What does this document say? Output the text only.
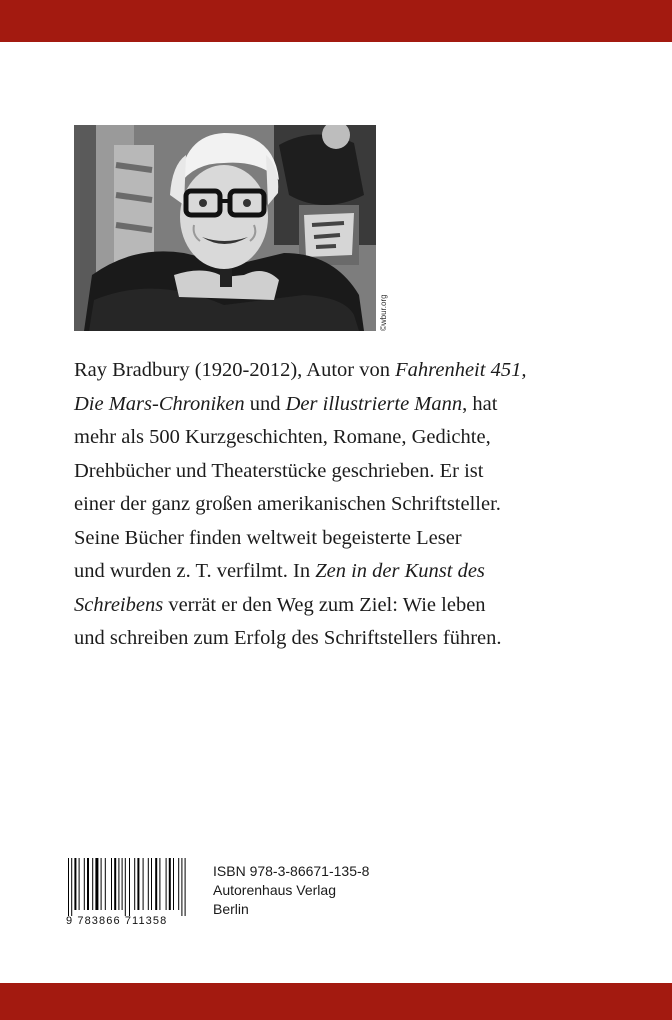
©wbur.org
Ray Bradbury (1920-2012), Autor von Fahrenheit 451,
Die Mars-Chroniken und Der illustrierte Mann, hat
mehr als 500 Kurzgeschichten, Romane, Gedichte,
Drehbücher und Theaterstücke geschrieben. Er ist
einer der ganz großen amerikanischen Schriftsteller.
Seine Bücher finden weltweit begeisterte Leser
und wurden z. T. verfilmt. In Zen in der Kunst des
Schreibens verrät er den Weg zum Ziel: Wie leben
und schreiben zum Erfolg des Schriftstellers führen.
9 783866 711358
ISBN 978-3-86671-135-8
Autorenhaus Verlag
Berlin
